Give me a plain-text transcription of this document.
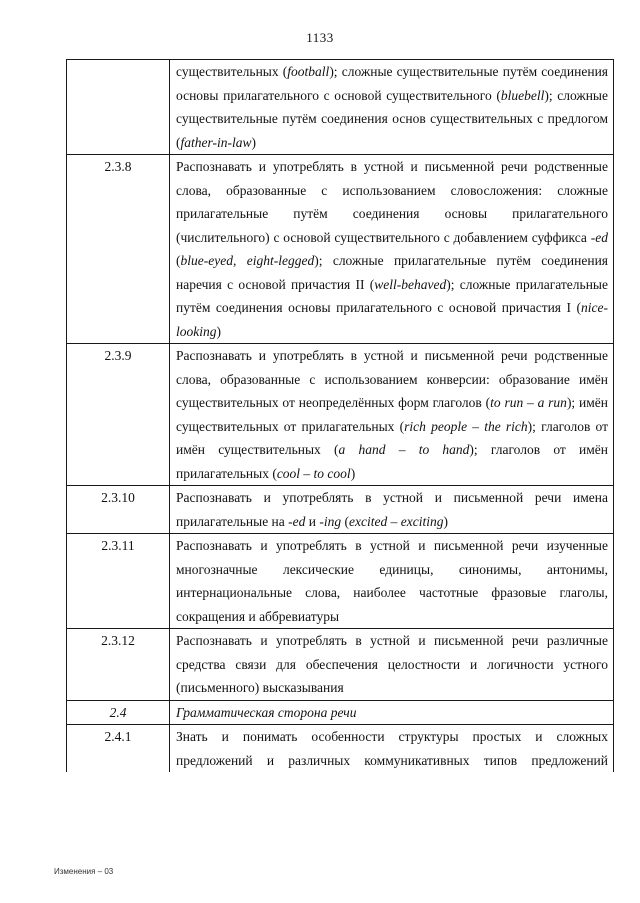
1133
	существительных (football); сложные существительные путём соединения основы прилагательного с основой существительного (bluebell); сложные существительные путём соединения основ существительных с предлогом (father-in-law)
2.3.8	Распознавать и употреблять в устной и письменной речи родственные слова, образованные с использованием словосложения: сложные прилагательные путём соединения основы прилагательного (числительного) с основой существительного с добавлением суффикса -ed (blue-eyed, eight-legged); сложные прилагательные путём соединения наречия с основой причастия II (well-behaved); сложные прилагательные путём соединения основы прилагательного с основой причастия I (nice-looking)
2.3.9	Распознавать и употреблять в устной и письменной речи родственные слова, образованные с использованием конверсии: образование имён существительных от неопределённых форм глаголов (to run – a run); имён существительных от прилагательных (rich people – the rich); глаголов от имён существительных (a hand – to hand); глаголов от имён прилагательных (cool – to cool)
2.3.10	Распознавать и употреблять в устной и письменной речи имена прилагательные на -ed и -ing (excited – exciting)
2.3.11	Распознавать и употреблять в устной и письменной речи изученные многозначные лексические единицы, синонимы, антонимы, интернациональные слова, наиболее частотные фразовые глаголы, сокращения и аббревиатуры
2.3.12	Распознавать и употреблять в устной и письменной речи различные средства связи для обеспечения целостности и логичности устного (письменного) высказывания
2.4	Грамматическая сторона речи
2.4.1	Знать и понимать особенности структуры простых и сложных предложений и различных коммуникативных типов предложений
Изменения – 03
